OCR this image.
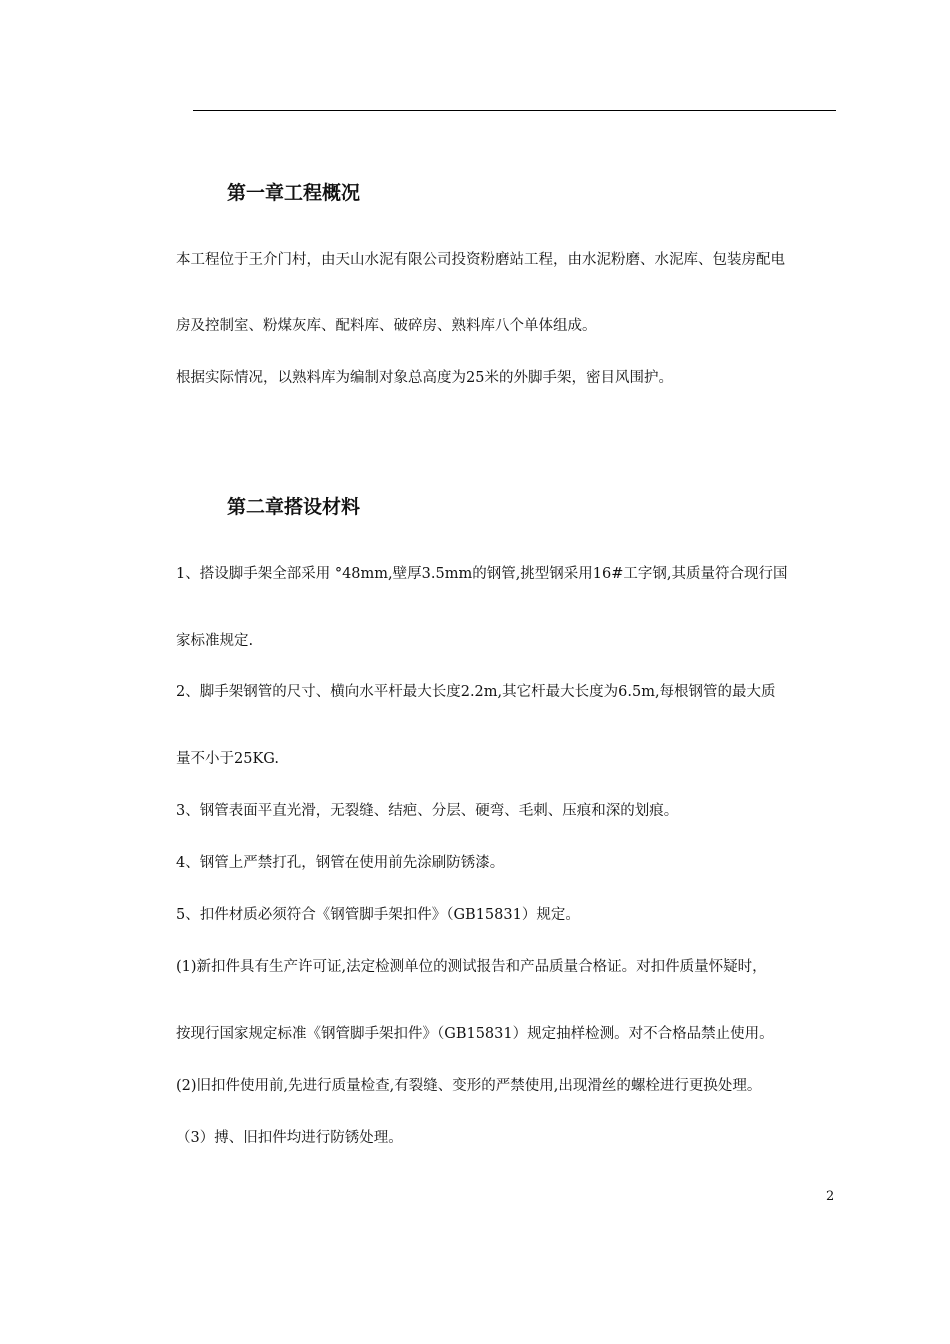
第一章工程概况

本工程位于王介门村，由天山水泥有限公司投资粉磨站工程，由水泥粉磨、水泥库、包装房配电

房及控制室、粉煤灰库、配料库、破碎房、熟料库八个单体组成。

根据实际情况，以熟料库为编制对象总高度为25米的外脚手架，密目风围护。

第二章搭设材料

1、搭设脚手架全部采用 °48mm,壁厚3.5mm的钢管,挑型钢采用16#工字钢,其质量符合现行国

家标准规定.

2、脚手架钢管的尺寸、横向水平杆最大长度2.2m,其它杆最大长度为6.5m,每根钢管的最大质

量不小于25KG.

3、钢管表面平直光滑，无裂缝、结疤、分层、硬弯、毛刺、压痕和深的划痕。

4、钢管上严禁打孔，钢管在使用前先涂刷防锈漆。

5、扣件材质必须符合《钢管脚手架扣件》（GB15831）规定。

(1)新扣件具有生产许可证,法定检测单位的测试报告和产品质量合格证。对扣件质量怀疑时，

按现行国家规定标准《钢管脚手架扣件》（GB15831）规定抽样检测。对不合格品禁止使用。

(2)旧扣件使用前,先进行质量检查,有裂缝、变形的严禁使用,出现滑丝的螺栓进行更换处理。

（3）搏、旧扣件均进行防锈处理。

2
